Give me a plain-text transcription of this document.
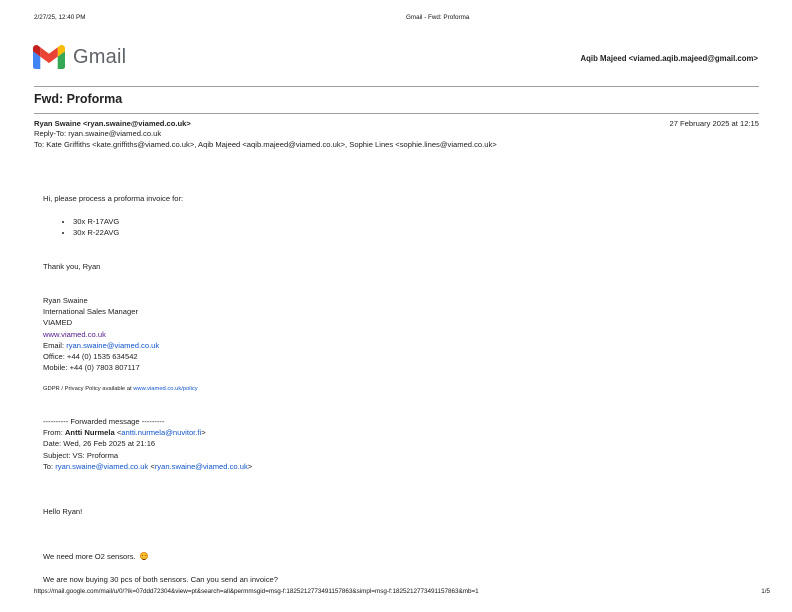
2/27/25, 12:40 PM	Gmail - Fwd: Proforma
Gmail	Aqib Majeed <viamed.aqib.majeed@gmail.com>
Fwd: Proforma
Ryan Swaine <ryan.swaine@viamed.co.uk>	27 February 2025 at 12:15
Reply-To: ryan.swaine@viamed.co.uk
To: Kate Griffiths <kate.griffiths@viamed.co.uk>, Aqib Majeed <aqib.majeed@viamed.co.uk>, Sophie Lines <sophie.lines@viamed.co.uk>

Hi, please process a proforma invoice for:

• 30x R-17AVG
• 30x R-22AVG

Thank you, Ryan

Ryan Swaine

International Sales Manager

VIAMED

www.viamed.co.uk

Email: ryan.swaine@viamed.co.uk

Office: +44 (0) 1535 634542

Mobile: +44 (0) 7803 807117

GDPR / Privacy Policy available at www.viamed.co.uk/policy

---------- Forwarded message ---------

From: Antti Nurmela <antti.nurmela@nuvitor.fi>

Date: Wed, 26 Feb 2025 at 21:16

Subject: VS: Proforma

To: ryan.swaine@viamed.co.uk <ryan.swaine@viamed.co.uk>

Hello Ryan!

We need more O2 sensors.

We are now buying 30 pcs of both sensors. Can you send an invoice?

https://mail.google.com/mail/u/0/?ik=07ddd72304&view=pt&search=all&permmsgid=msg-f:1825212773491157863&simpl=msg-f:1825212773491157863&mb=1	1/5
